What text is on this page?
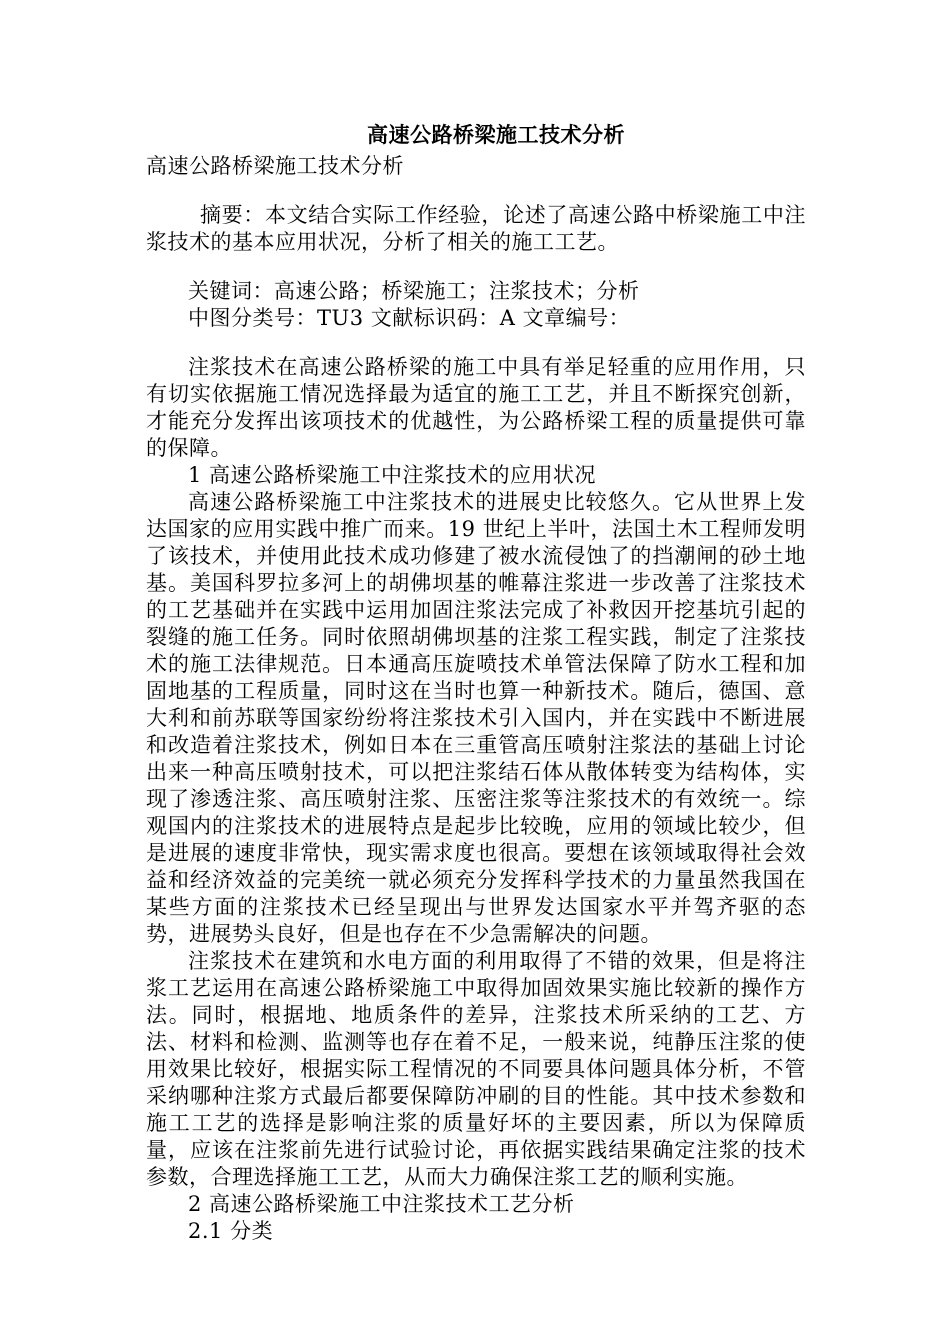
高速公路桥梁施工技术分析

高速公路桥梁施工技术分析

摘要：本文结合实际工作经验，论述了高速公路中桥梁施工中注浆技术的基本应用状况，分析了相关的施工工艺。

关键词：高速公路；桥梁施工；注浆技术；分析

中图分类号：TU3 文献标识码：A 文章编号：

注浆技术在高速公路桥梁的施工中具有举足轻重的应用作用，只有切实依据施工情况选择最为适宜的施工工艺，并且不断探究创新，才能充分发挥出该项技术的优越性，为公路桥梁工程的质量提供可靠的保障。

1 高速公路桥梁施工中注浆技术的应用状况

高速公路桥梁施工中注浆技术的进展史比较悠久。它从世界上发达国家的应用实践中推广而来。19 世纪上半叶，法国土木工程师发明了该技术，并使用此技术成功修建了被水流侵蚀了的挡潮闸的砂土地基。美国科罗拉多河上的胡佛坝基的帷幕注浆进一步改善了注浆技术的工艺基础并在实践中运用加固注浆法完成了补救因开挖基坑引起的裂缝的施工任务。同时依照胡佛坝基的注浆工程实践，制定了注浆技术的施工法律规范。日本通高压旋喷技术单管法保障了防水工程和加固地基的工程质量，同时这在当时也算一种新技术。随后，德国、意大利和前苏联等国家纷纷将注浆技术引入国内，并在实践中不断进展和改造着注浆技术，例如日本在三重管高压喷射注浆法的基础上讨论出来一种高压喷射技术，可以把注浆结石体从散体转变为结构体，实现了渗透注浆、高压喷射注浆、压密注浆等注浆技术的有效统一。综观国内的注浆技术的进展特点是起步比较晚，应用的领域比较少，但是进展的速度非常快，现实需求度也很高。要想在该领域取得社会效益和经济效益的完美统一就必须充分发挥科学技术的力量虽然我国在某些方面的注浆技术已经呈现出与世界发达国家水平并驾齐驱的态势，进展势头良好，但是也存在不少急需解决的问题。

注浆技术在建筑和水电方面的利用取得了不错的效果，但是将注浆工艺运用在高速公路桥梁施工中取得加固效果实施比较新的操作方法。同时，根据地、地质条件的差异，注浆技术所采纳的工艺、方法、材料和检测、监测等也存在着不足，一般来说，纯静压注浆的使用效果比较好，根据实际工程情况的不同要具体问题具体分析，不管采纳哪种注浆方式最后都要保障防冲刷的目的性能。其中技术参数和施工工艺的选择是影响注浆的质量好坏的主要因素，所以为保障质量，应该在注浆前先进行试验讨论，再依据实践结果确定注浆的技术参数，合理选择施工工艺，从而大力确保注浆工艺的顺利实施。

2 高速公路桥梁施工中注浆技术工艺分析

2.1 分类
